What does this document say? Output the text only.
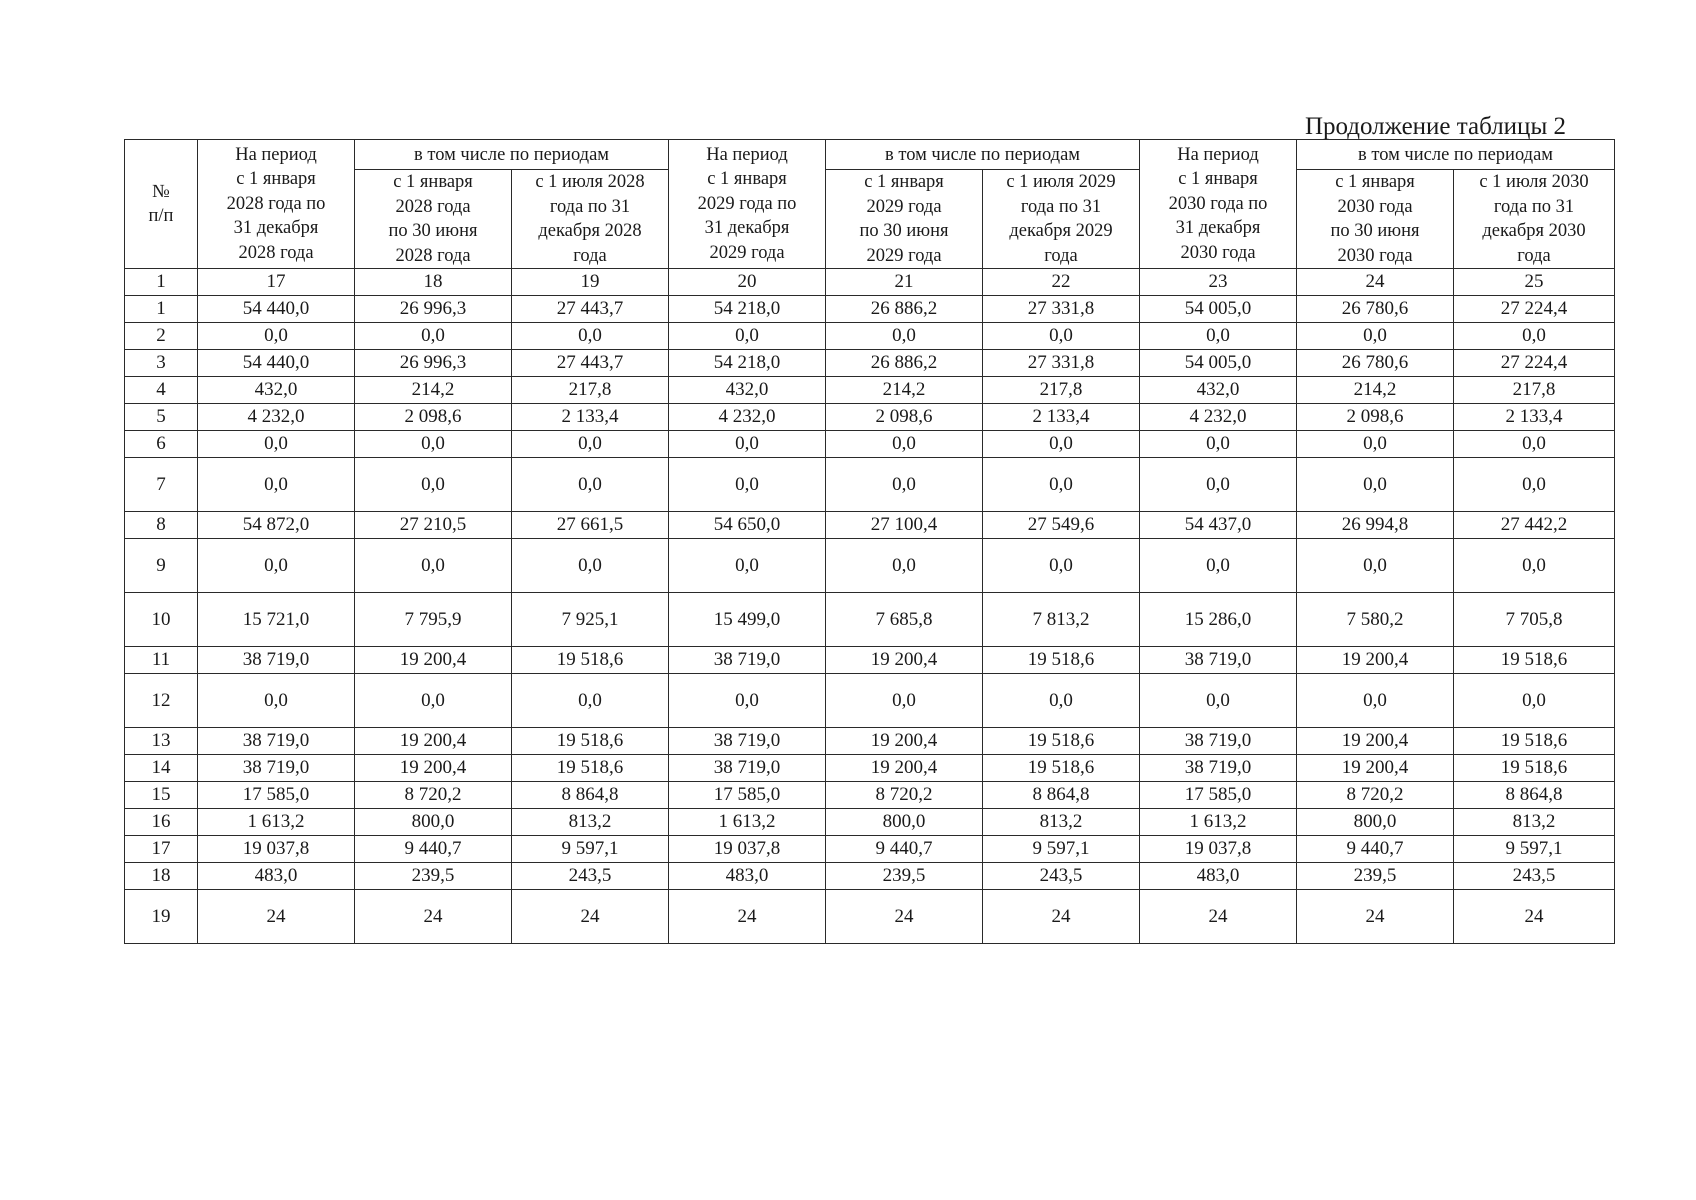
Продолжение таблицы 2
№
п/п	На период
с 1 января
2028 года по
31 декабря
2028 года	в том числе по периодам		На период
с 1 января
2029 года по
31 декабря
2029 года	в том числе по периодам		На период
с 1 января
2030 года по
31 декабря
2030 года	в том числе по периодам	

		с 1 января
2028 года
по 30 июня
2028 года	с 1 июля 2028
года по 31
декабря 2028
года		с 1 января
2029 года
по 30 июня
2029 года	с 1 июля 2029
года по 31
декабря 2029
года		с 1 января
2030 года
по 30 июня
2030 года	с 1 июля 2030
года по 31
декабря 2030
года

1	17	18	19	20	21	22	23	24	25
1	54 440,0	26 996,3	27 443,7	54 218,0	26 886,2	27 331,8	54 005,0	26 780,6	27 224,4
2	0,0	0,0	0,0	0,0	0,0	0,0	0,0	0,0	0,0
3	54 440,0	26 996,3	27 443,7	54 218,0	26 886,2	27 331,8	54 005,0	26 780,6	27 224,4
4	432,0	214,2	217,8	432,0	214,2	217,8	432,0	214,2	217,8
5	4 232,0	2 098,6	2 133,4	4 232,0	2 098,6	2 133,4	4 232,0	2 098,6	2 133,4
6	0,0	0,0	0,0	0,0	0,0	0,0	0,0	0,0	0,0
7	0,0	0,0	0,0	0,0	0,0	0,0	0,0	0,0	0,0
8	54 872,0	27 210,5	27 661,5	54 650,0	27 100,4	27 549,6	54 437,0	26 994,8	27 442,2
9	0,0	0,0	0,0	0,0	0,0	0,0	0,0	0,0	0,0
10	15 721,0	7 795,9	7 925,1	15 499,0	7 685,8	7 813,2	15 286,0	7 580,2	7 705,8
11	38 719,0	19 200,4	19 518,6	38 719,0	19 200,4	19 518,6	38 719,0	19 200,4	19 518,6
12	0,0	0,0	0,0	0,0	0,0	0,0	0,0	0,0	0,0
13	38 719,0	19 200,4	19 518,6	38 719,0	19 200,4	19 518,6	38 719,0	19 200,4	19 518,6
14	38 719,0	19 200,4	19 518,6	38 719,0	19 200,4	19 518,6	38 719,0	19 200,4	19 518,6
15	17 585,0	8 720,2	8 864,8	17 585,0	8 720,2	8 864,8	17 585,0	8 720,2	8 864,8
16	1 613,2	800,0	813,2	1 613,2	800,0	813,2	1 613,2	800,0	813,2
17	19 037,8	9 440,7	9 597,1	19 037,8	9 440,7	9 597,1	19 037,8	9 440,7	9 597,1
18	483,0	239,5	243,5	483,0	239,5	243,5	483,0	239,5	243,5
19	24	24	24	24	24	24	24	24	24
